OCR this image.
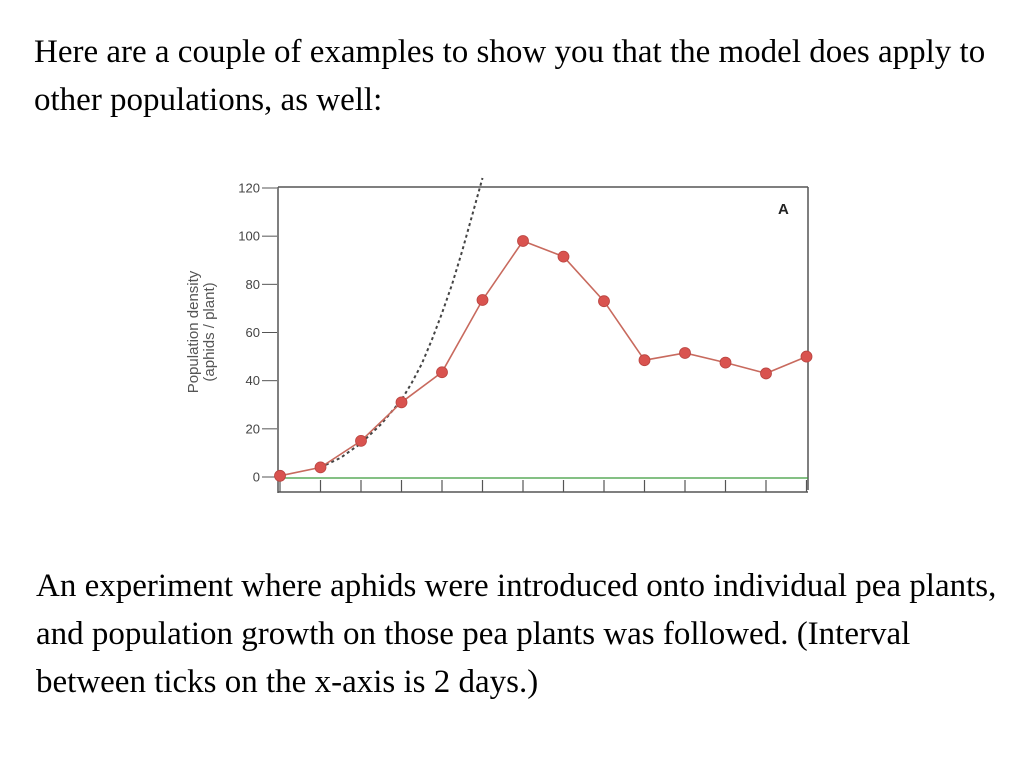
Here are a couple of examples to show you that the model does apply to other populations, as well:

0
20
40
60
80
100
120
A
Population density (aphids / plant)

An experiment where aphids were introduced onto individual pea plants, and population growth on those pea plants was followed. (Interval between ticks on the x-axis is 2 days.)
